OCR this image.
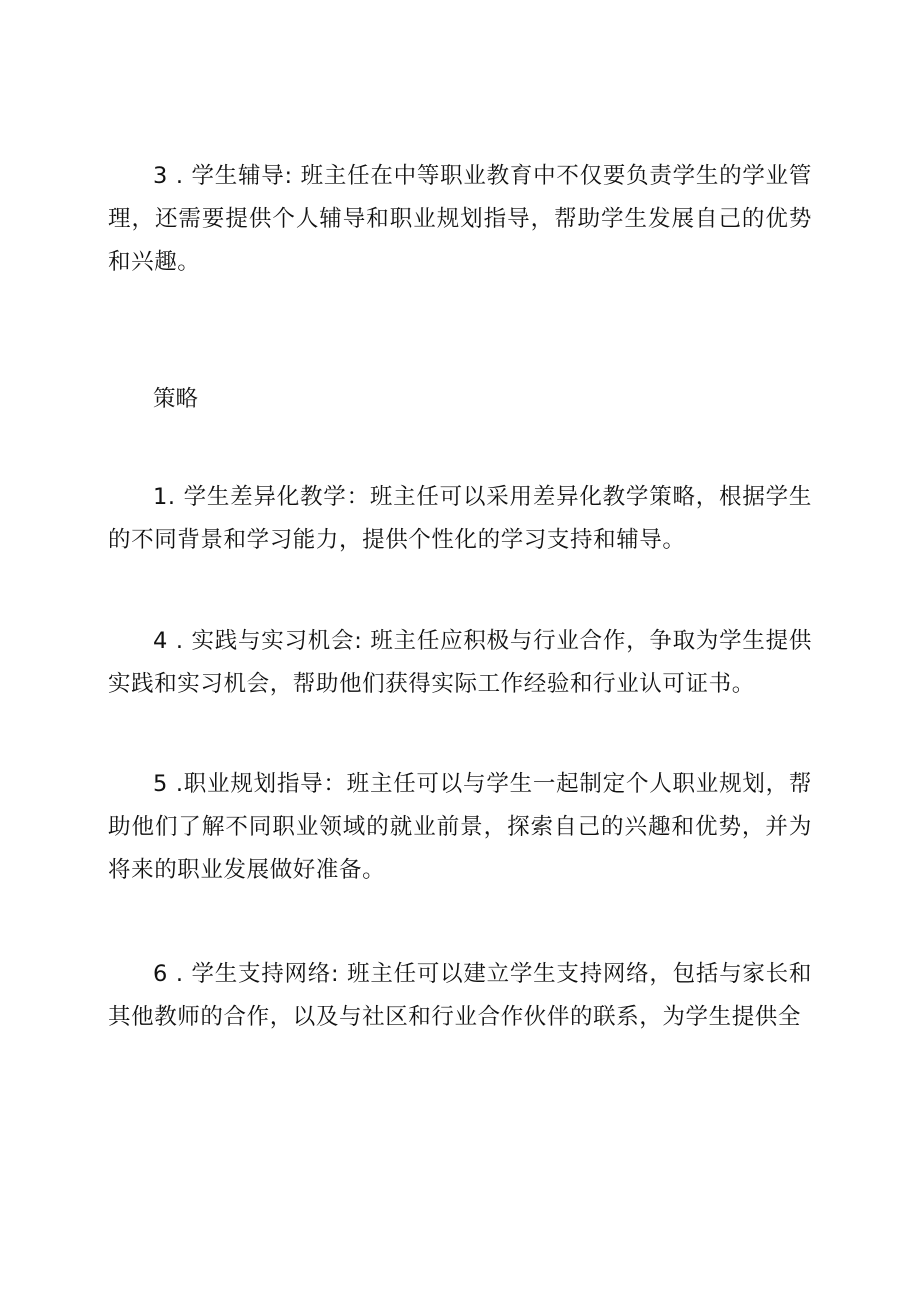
3 . 学生辅导: 班主任在中等职业教育中不仅要负责学生的学业管理，还需要提供个人辅导和职业规划指导，帮助学生发展自己的优势和兴趣。

策略

1. 学生差异化教学：班主任可以采用差异化教学策略，根据学生的不同背景和学习能力，提供个性化的学习支持和辅导。

4 . 实践与实习机会: 班主任应积极与行业合作，争取为学生提供实践和实习机会，帮助他们获得实际工作经验和行业认可证书。

5 .职业规划指导：班主任可以与学生一起制定个人职业规划，帮助他们了解不同职业领域的就业前景，探索自己的兴趣和优势，并为将来的职业发展做好准备。

6 . 学生支持网络: 班主任可以建立学生支持网络，包括与家长和其他教师的合作，以及与社区和行业合作伙伴的联系，为学生提供全
